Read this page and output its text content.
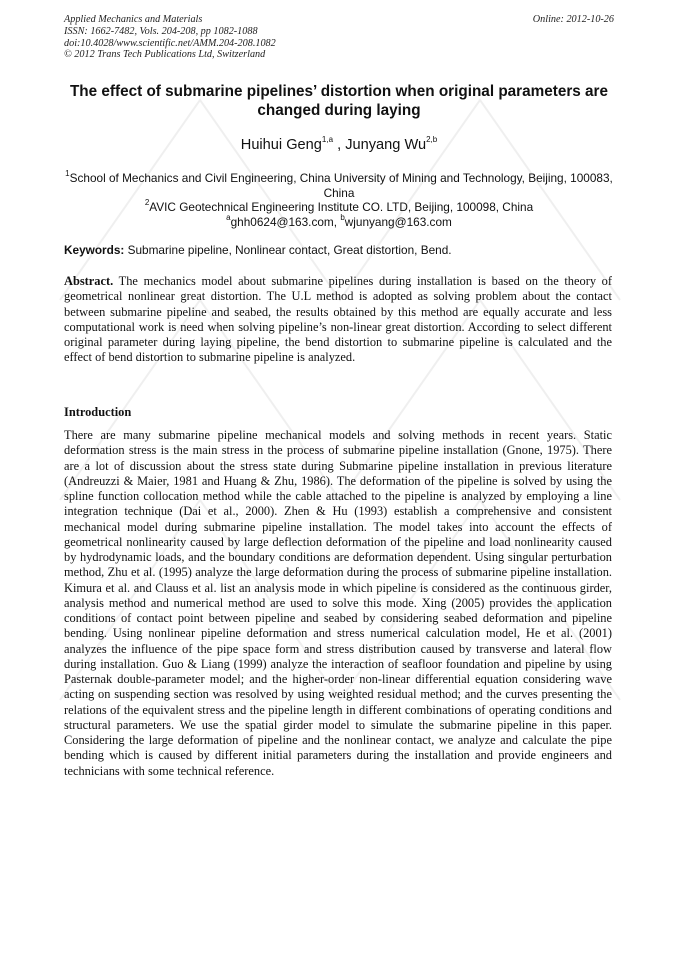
Applied Mechanics and Materials
ISSN: 1662-7482, Vols. 204-208, pp 1082-1088
doi:10.4028/www.scientific.net/AMM.204-208.1082
© 2012 Trans Tech Publications Ltd, Switzerland
Online: 2012-10-26
The effect of submarine pipelines’ distortion when original parameters are changed during laying
Huihui Geng$^{1,a}$ , Junyang Wu$^{2,b}$
$^1$School of Mechanics and Civil Engineering, China University of Mining and Technology, Beijing, 100083, China
$^2$AVIC Geotechnical Engineering Institute CO. LTD, Beijing, 100098, China
$^a$ghh0624@163.com, $^b$wjunyang@163.com
Keywords: Submarine pipeline, Nonlinear contact, Great distortion, Bend.
Abstract. The mechanics model about submarine pipelines during installation is based on the theory of geometrical nonlinear great distortion. The U.L method is adopted as solving problem about the contact between submarine pipeline and seabed, the results obtained by this method are equally accurate and less computational work is need when solving pipeline’s non-linear great distortion. According to select different original parameter during laying pipeline, the bend distortion to submarine pipeline is calculated and the effect of bend distortion to submarine pipeline is analyzed.
Introduction
There are many submarine pipeline mechanical models and solving methods in recent years. Static deformation stress is the main stress in the process of submarine pipeline installation (Gnone, 1975). There are a lot of discussion about the stress state during Submarine pipeline installation in previous literature (Andreuzzi & Maier, 1981 and Huang & Zhu, 1986). The deformation of the pipeline is solved by using the spline function collocation method while the cable attached to the pipeline is analyzed by employing a line integration technique (Dai et al., 2000). Zhen & Hu (1993) establish a comprehensive and consistent mechanical model during submarine pipeline installation. The model takes into account the effects of geometrical nonlinearity caused by large deflection deformation of the pipeline and load nonlinearity caused by hydrodynamic loads, and the boundary conditions are deformation dependent. Using singular perturbation method, Zhu et al. (1995) analyze the large deformation during the process of submarine pipeline installation. Kimura et al. and Clauss et al. list an analysis mode in which pipeline is considered as the continuous girder, analysis method and numerical method are used to solve this mode. Xing (2005) provides the application conditions of contact point between pipeline and seabed by considering seabed deformation and pipeline bending. Using nonlinear pipeline deformation and stress numerical calculation model, He et al. (2001) analyzes the influence of the pipe space form and stress distribution caused by transverse and lateral flow during installation. Guo & Liang (1999) analyze the interaction of seafloor foundation and pipeline by using Pasternak double-parameter model; and the higher-order non-linear differential equation considering wave acting on suspending section was resolved by using weighted residual method; and the curves presenting the relations of the equivalent stress and the pipeline length in different combinations of operating conditions and structural parameters. We use the spatial girder model to simulate the submarine pipeline in this paper. Considering the large deformation of pipeline and the nonlinear contact, we analyze and calculate the pipe bending which is caused by different initial parameters during the installation and provide engineers and technicians with some technical reference.
